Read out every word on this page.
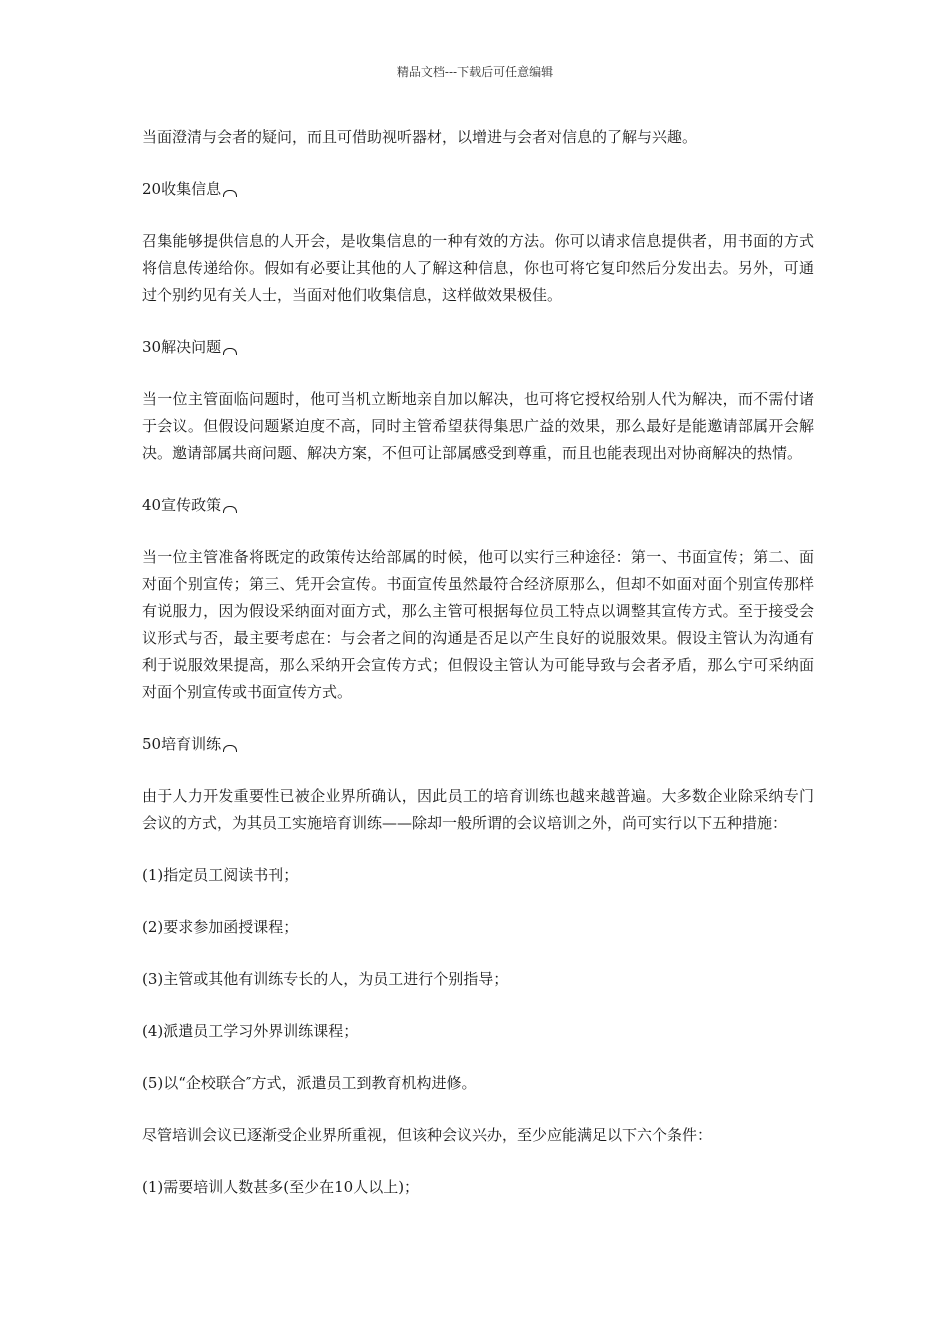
精品文档---下载后可任意编辑

当面澄清与会者的疑问，而且可借助视听器材，以增进与会者对信息的了解与兴趣。

20收集信息

召集能够提供信息的人开会，是收集信息的一种有效的方法。你可以请求信息提供者，用书面的方式将信息传递给你。假如有必要让其他的人了解这种信息，你也可将它复印然后分发出去。另外，可通过个别约见有关人士，当面对他们收集信息，这样做效果极佳。

30解决问题

当一位主管面临问题时，他可当机立断地亲自加以解决，也可将它授权给别人代为解决，而不需付诸于会议。但假设问题紧迫度不高，同时主管希望获得集思广益的效果，那么最好是能邀请部属开会解决。邀请部属共商问题、解决方案，不但可让部属感受到尊重，而且也能表现出对协商解决的热情。

40宣传政策

当一位主管准备将既定的政策传达给部属的时候，他可以实行三种途径：第一、书面宣传；第二、面对面个别宣传；第三、凭开会宣传。书面宣传虽然最符合经济原那么，但却不如面对面个别宣传那样有说服力，因为假设采纳面对面方式，那么主管可根据每位员工特点以调整其宣传方式。至于接受会议形式与否，最主要考虑在：与会者之间的沟通是否足以产生良好的说服效果。假设主管认为沟通有利于说服效果提高，那么采纳开会宣传方式；但假设主管认为可能导致与会者矛盾，那么宁可采纳面对面个别宣传或书面宣传方式。

50培育训练

由于人力开发重要性已被企业界所确认，因此员工的培育训练也越来越普遍。大多数企业除采纳专门会议的方式，为其员工实施培育训练——除却一般所谓的会议培训之外，尚可实行以下五种措施：

(1)指定员工阅读书刊；

(2)要求参加函授课程；

(3)主管或其他有训练专长的人，为员工进行个别指导；

(4)派遣员工学习外界训练课程；

(5)以“企校联合″方式，派遣员工到教育机构进修。

尽管培训会议已逐渐受企业界所重视，但该种会议兴办，至少应能满足以下六个条件：

(1)需要培训人数甚多(至少在10人以上)；
